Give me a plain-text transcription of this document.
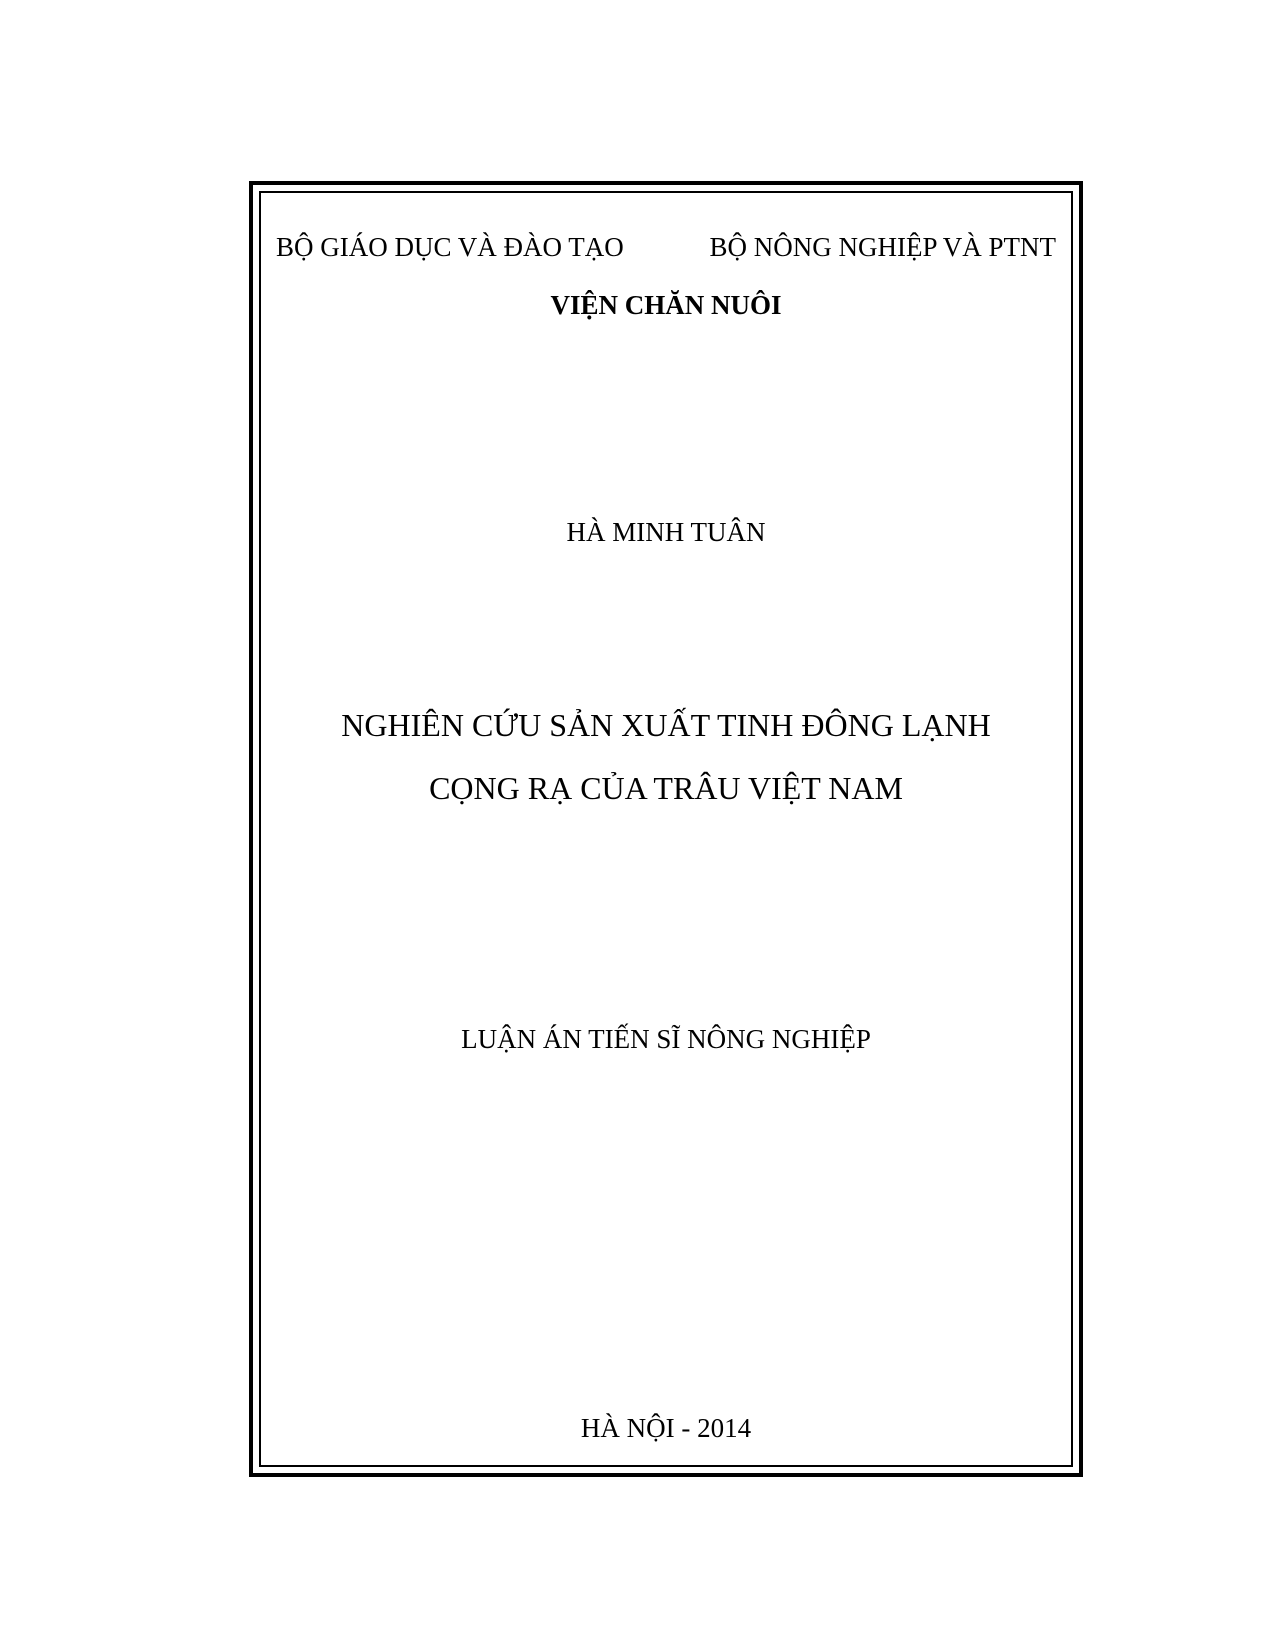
BỘ GIÁO DỤC VÀ ĐÀO TẠO	BỘ NÔNG NGHIỆP VÀ PTNT
VIỆN CHĂN NUÔI
HÀ MINH TUÂN
NGHIÊN CỨU SẢN XUẤT TINH ĐÔNG LẠNH
CỌNG RẠ CỦA TRÂU VIỆT NAM
LUẬN ÁN TIẾN SĨ NÔNG NGHIỆP
HÀ NỘI - 2014
